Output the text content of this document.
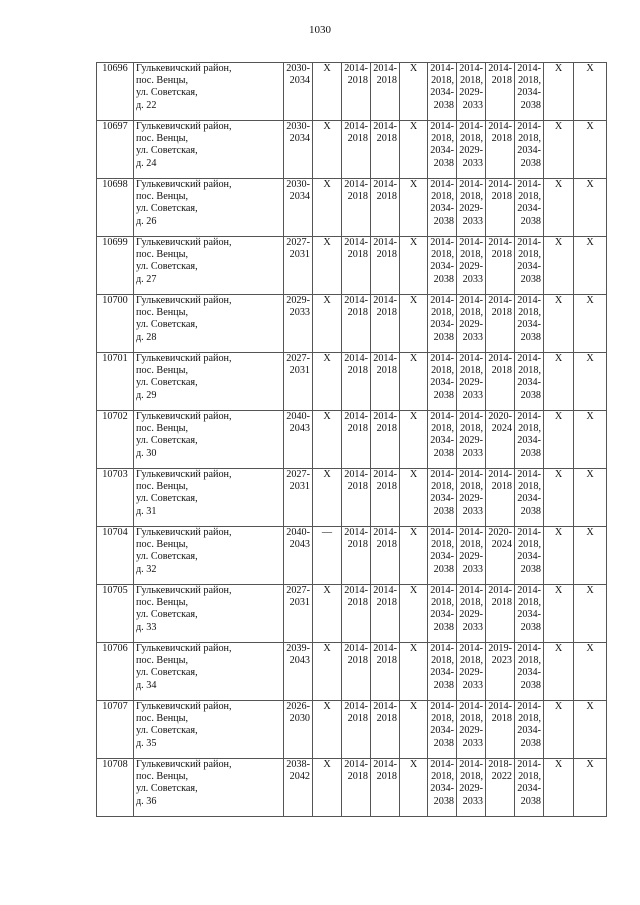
1030
10696	Гулькевичский район,
пос. Венцы,
ул. Советская,
д. 22	2030-
2034	X	2014-
2018	2014-
2018	X	2014-
2018,
2034-
2038	2014-
2018,
2029-
2033	2014-
2018	2014-
2018,
2034-
2038	X	X
10697	Гулькевичский район,
пос. Венцы,
ул. Советская,
д. 24	2030-
2034	X	2014-
2018	2014-
2018	X	2014-
2018,
2034-
2038	2014-
2018,
2029-
2033	2014-
2018	2014-
2018,
2034-
2038	X	X
10698	Гулькевичский район,
пос. Венцы,
ул. Советская,
д. 26	2030-
2034	X	2014-
2018	2014-
2018	X	2014-
2018,
2034-
2038	2014-
2018,
2029-
2033	2014-
2018	2014-
2018,
2034-
2038	X	X
10699	Гулькевичский район,
пос. Венцы,
ул. Советская,
д. 27	2027-
2031	X	2014-
2018	2014-
2018	X	2014-
2018,
2034-
2038	2014-
2018,
2029-
2033	2014-
2018	2014-
2018,
2034-
2038	X	X
10700	Гулькевичский район,
пос. Венцы,
ул. Советская,
д. 28	2029-
2033	X	2014-
2018	2014-
2018	X	2014-
2018,
2034-
2038	2014-
2018,
2029-
2033	2014-
2018	2014-
2018,
2034-
2038	X	X
10701	Гулькевичский район,
пос. Венцы,
ул. Советская,
д. 29	2027-
2031	X	2014-
2018	2014-
2018	X	2014-
2018,
2034-
2038	2014-
2018,
2029-
2033	2014-
2018	2014-
2018,
2034-
2038	X	X
10702	Гулькевичский район,
пос. Венцы,
ул. Советская,
д. 30	2040-
2043	X	2014-
2018	2014-
2018	X	2014-
2018,
2034-
2038	2014-
2018,
2029-
2033	2020-
2024	2014-
2018,
2034-
2038	X	X
10703	Гулькевичский район,
пос. Венцы,
ул. Советская,
д. 31	2027-
2031	X	2014-
2018	2014-
2018	X	2014-
2018,
2034-
2038	2014-
2018,
2029-
2033	2014-
2018	2014-
2018,
2034-
2038	X	X
10704	Гулькевичский район,
пос. Венцы,
ул. Советская,
д. 32	2040-
2043	—	2014-
2018	2014-
2018	X	2014-
2018,
2034-
2038	2014-
2018,
2029-
2033	2020-
2024	2014-
2018,
2034-
2038	X	X
10705	Гулькевичский район,
пос. Венцы,
ул. Советская,
д. 33	2027-
2031	X	2014-
2018	2014-
2018	X	2014-
2018,
2034-
2038	2014-
2018,
2029-
2033	2014-
2018	2014-
2018,
2034-
2038	X	X
10706	Гулькевичский район,
пос. Венцы,
ул. Советская,
д. 34	2039-
2043	X	2014-
2018	2014-
2018	X	2014-
2018,
2034-
2038	2014-
2018,
2029-
2033	2019-
2023	2014-
2018,
2034-
2038	X	X
10707	Гулькевичский район,
пос. Венцы,
ул. Советская,
д. 35	2026-
2030	X	2014-
2018	2014-
2018	X	2014-
2018,
2034-
2038	2014-
2018,
2029-
2033	2014-
2018	2014-
2018,
2034-
2038	X	X
10708	Гулькевичский район,
пос. Венцы,
ул. Советская,
д. 36	2038-
2042	X	2014-
2018	2014-
2018	X	2014-
2018,
2034-
2038	2014-
2018,
2029-
2033	2018-
2022	2014-
2018,
2034-
2038	X	X
